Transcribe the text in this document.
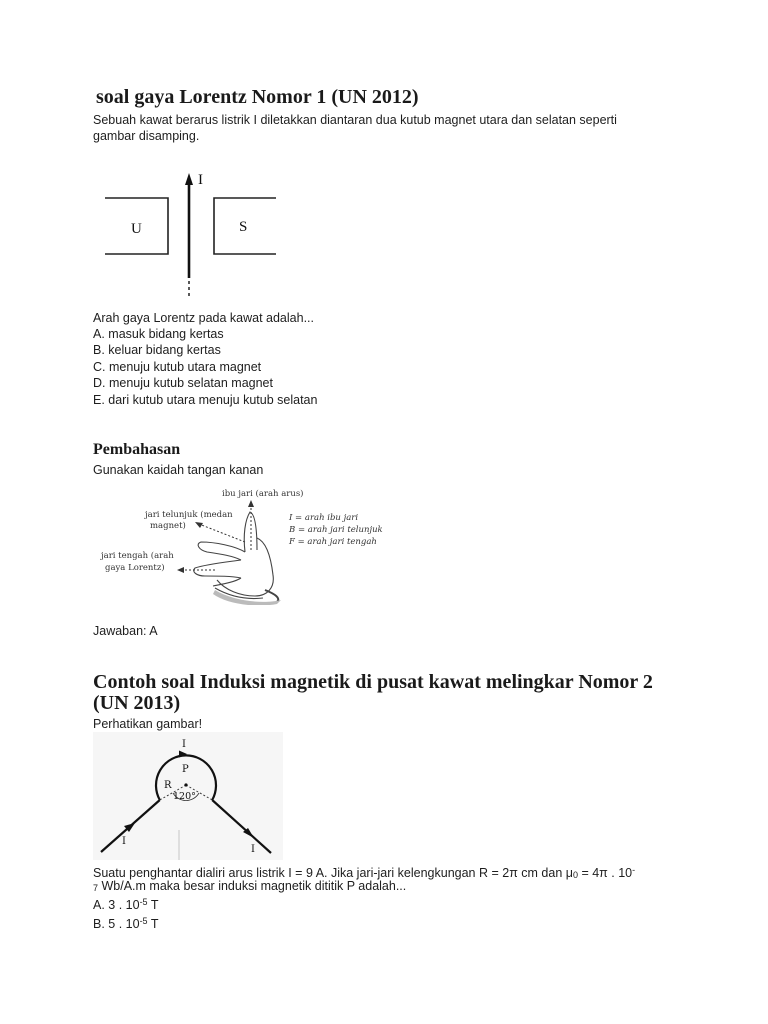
soal gaya Lorentz Nomor 1 (UN 2012)

Sebuah kawat berarus listrik I diletakkan diantaran dua kutub magnet utara dan selatan seperti gambar disamping.

I
U	S

Arah gaya Lorentz pada kawat adalah...

A. masuk bidang kertas
B. keluar bidang kertas
C. menuju kutub utara magnet
D. menuju kutub selatan magnet
E. dari kutub utara menuju kutub selatan
Pembahasan

Gunakan kaidah tangan kanan

ibu jari (arah arus)
jari telunjuk (medan
magnet)
jari tengah (arah
gaya Lorentz)
I = arah ibu jari
B = arah jari telunjuk
F = arah jari tengah

Jawaban: A

Contoh soal Induksi magnetik di pusat kawat melingkar Nomor 2
(UN 2013)

Perhatikan gambar!

I
P
R
120°
I
I

Suatu penghantar dialiri arus listrik I = 9 A. Jika jari-jari kelengkungan R = 2π cm dan $\mu_0 = 4\pi$ . 10-

$_7$ Wb/A.m maka besar induksi magnetik dititik P adalah...

A. 3 . $10^{-5}$ T
B. 5 . $10^{-5}$ T
